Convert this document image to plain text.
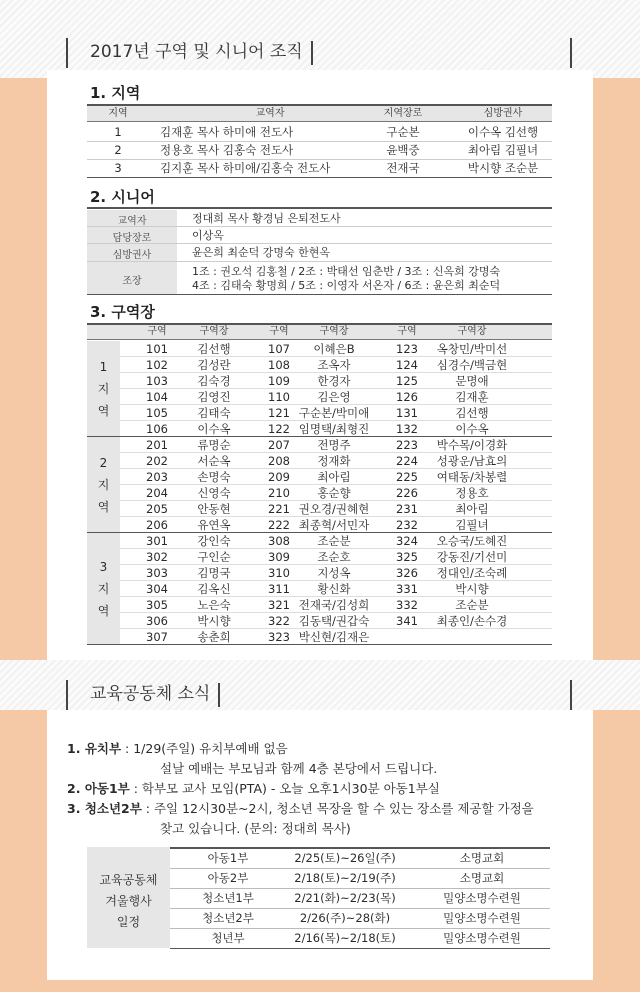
2017년 구역 및 시니어 조직
1. 지역
지역	교역자	지역장로	심방권사
1	김재훈 목사 하미애 전도사	구순본	이수옥 김선행
2	정용호 목사 김홍숙 전도사	윤백중	최아림 김필녀
3	김지훈 목사 하미애/김홍숙 전도사	전재국	박시향 조순분
2. 시니어
교역자	정대희 목사 황경님 은퇴전도사
담당장로	이상옥
심방권사	윤은희 최순덕 강명숙 한현옥
조장
1조 : 권오석 김홍철 / 2조 : 박태선 임춘반 / 3조 : 신옥희 강명숙
4조 : 김태숙 황명희 / 5조 : 이영자 서온자 / 6조 : 윤은희 최순덕
3. 구역장
구역	구역장	구역	구역장	구역	구역장
1
지
역
101	김선행	107	이혜은B	123	옥창민/박미선
102	김성란	108	조옥자	124	심경수/백금현
103	김숙경	109	한경자	125	문명애
104	김영진	110	김은영	126	김재훈
105	김태숙	121 구순본/박미애	131	김선행
106	이수옥	122 임명택/최형진	132	이수옥
2
지
역
201	류명순	207	전명주	223	박수목/이경화
202	서순옥	208	정재화	224	성광운/남효의
203	손명숙	209	최아림	225	여태동/차봉렬
204	신영숙	210	홍순향	226	정용호
205	안동현	221 권오경/권혜현	231	최아림
206	유연옥	222 최종혁/서민자	232	김필녀
3
지
역
301	강인숙	308	조순분	324	오승국/도혜진
302	구인순	309	조순호	325	강동진/기선미
303	김명국	310	지성옥	326	정대인/조숙례
304	김옥신	311	황신화	331	박시향
305	노은숙	321 전재국/김성희	332	조순분
306	박시향	322 김동택/권갑숙	341	최종인/손수경
307	송춘희	323 박신현/김재은
교육공동체 소식
1. 유치부 : 1/29(주일) 유치부예배 없음
설날 예배는 부모님과 함께 4층 본당에서 드립니다.
2. 아동1부 : 학부모 교사 모임(PTA) - 오늘 오후1시30분 아동1부실
3. 청소년2부 : 주일 12시30분~2시, 청소년 목장을 할 수 있는 장소를 제공할 가정을
찾고 있습니다. (문의: 정대희 목사)
교육공동체
겨울행사
일정
아동1부	2/25(토)~26일(주)	소명교회
아동2부	2/18(토)~2/19(주)	소명교회
청소년1부	2/21(화)~2/23(목)	밀양소명수련원
청소년2부	2/26(주)~28(화)	밀양소명수련원
청년부	2/16(목)~2/18(토)	밀양소명수련원
